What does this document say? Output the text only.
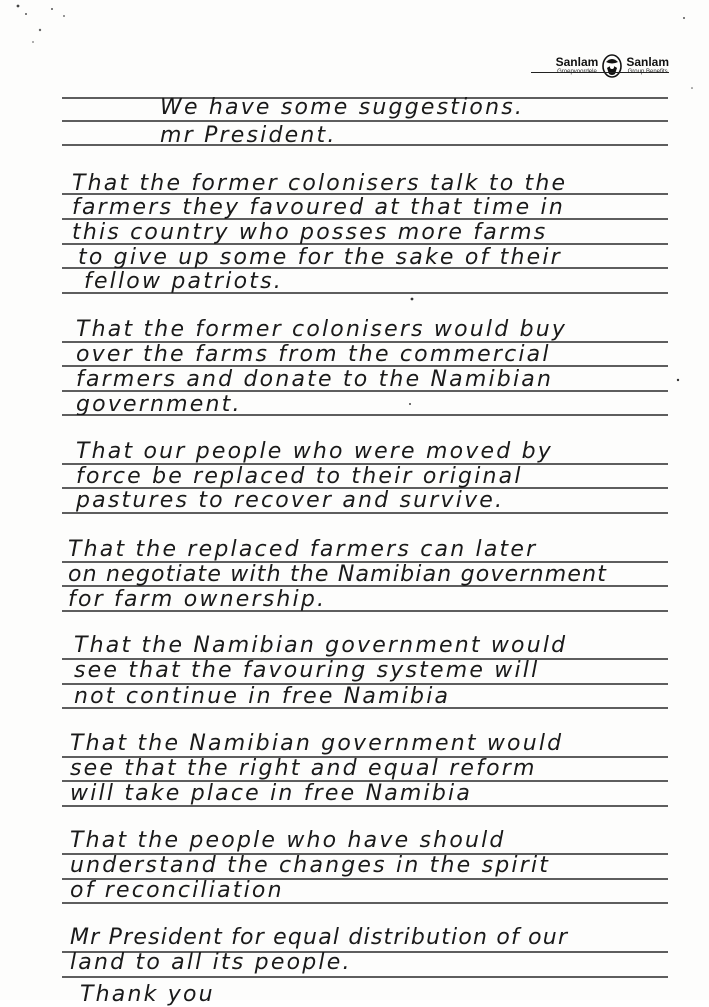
Sanlam Sanlam
We have some suggestions.
mr President.
That the former colonisers talk to the
farmers they favoured at that time in
this country who posses more farms
to give up some for the sake of their
fellow patriots.
That the former colonisers would buy
over the farms from the commercial
farmers and donate to the Namibian
government.
That our people who were moved by
force be replaced to their original
pastures to recover and survive.
That the replaced farmers can later
on negotiate with the Namibian government
for farm ownership.
That the Namibian government would
see that the favouring systeme will
not continue in free Namibia
That the Namibian government would
see that the right and equal reform
will take place in free Namibia
That the people who have should
understand the changes in the spirit
of reconciliation
Mr President for equal distribution of our
land to all its people.
Thank you
